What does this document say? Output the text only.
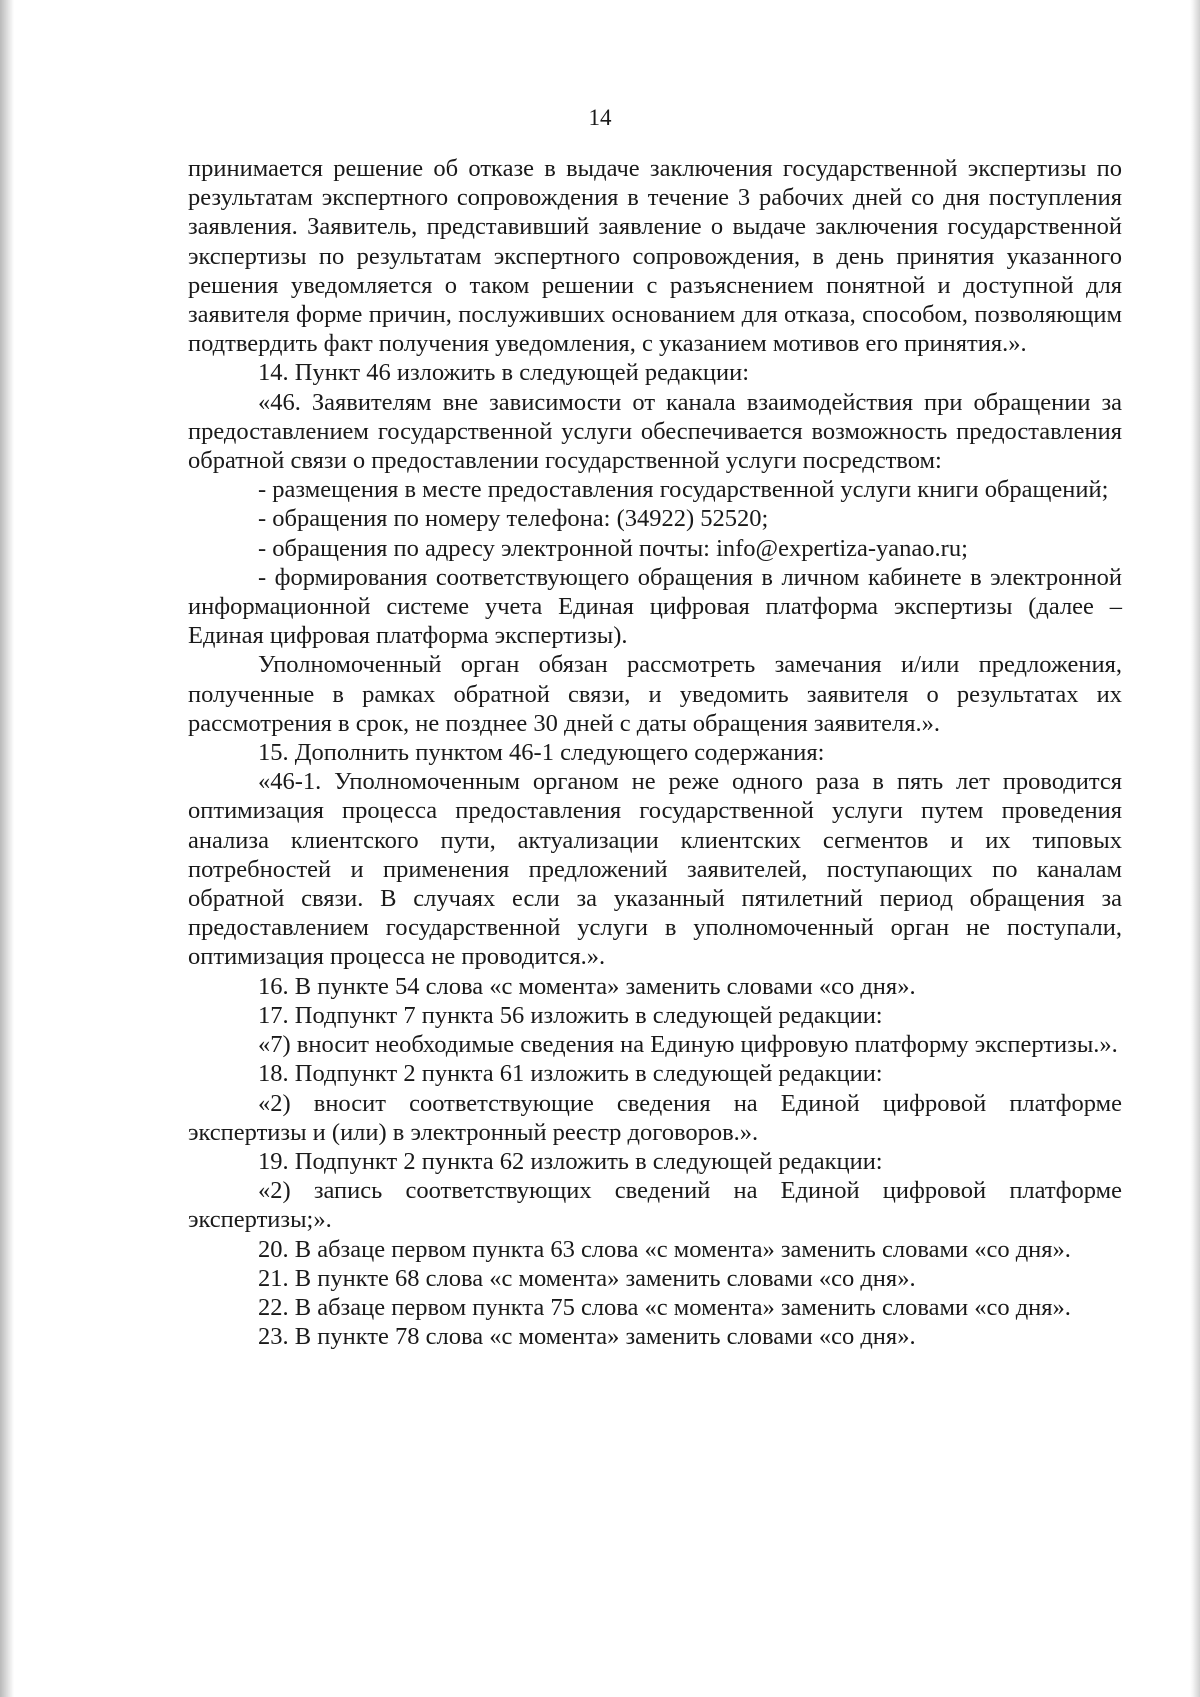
14

принимается решение об отказе в выдаче заключения государственной экспертизы по результатам экспертного сопровождения в течение 3 рабочих дней со дня поступления заявления. Заявитель, представивший заявление о выдаче заключения государственной экспертизы по результатам экспертного сопровождения, в день принятия указанного решения уведомляется о таком решении с разъяснением понятной и доступной для заявителя форме причин, послуживших основанием для отказа, способом, позволяющим подтвердить факт получения уведомления, с указанием мотивов его принятия.».

14. Пункт 46 изложить в следующей редакции:

«46. Заявителям вне зависимости от канала взаимодействия при обращении за предоставлением государственной услуги обеспечивается возможность предоставления обратной связи о предоставлении государственной услуги посредством:

- размещения в месте предоставления государственной услуги книги обращений;

- обращения по номеру телефона: (34922) 52520;

- обращения по адресу электронной почты: info@expertiza-yanao.ru;

- формирования соответствующего обращения в личном кабинете в электронной информационной системе учета Единая цифровая платформа экспертизы (далее – Единая цифровая платформа экспертизы).

Уполномоченный орган обязан рассмотреть замечания и/или предложения, полученные в рамках обратной связи, и уведомить заявителя о результатах их рассмотрения в срок, не позднее 30 дней с даты обращения заявителя.».

15. Дополнить пунктом 46-1 следующего содержания:

«46-1. Уполномоченным органом не реже одного раза в пять лет проводится оптимизация процесса предоставления государственной услуги путем проведения анализа клиентского пути, актуализации клиентских сегментов и их типовых потребностей и применения предложений заявителей, поступающих по каналам обратной связи. В случаях если за указанный пятилетний период обращения за предоставлением государственной услуги в уполномоченный орган не поступали, оптимизация процесса не проводится.».

16. В пункте 54 слова «с момента» заменить словами «со дня».

17. Подпункт 7 пункта 56 изложить в следующей редакции:

«7) вносит необходимые сведения на Единую цифровую платформу экспертизы.».

18. Подпункт 2 пункта 61 изложить в следующей редакции:

«2) вносит соответствующие сведения на Единой цифровой платформе экспертизы и (или) в электронный реестр договоров.».

19. Подпункт 2 пункта 62 изложить в следующей редакции:

«2) запись соответствующих сведений на Единой цифровой платформе экспертизы;».

20. В абзаце первом пункта 63 слова «с момента» заменить словами «со дня».

21. В пункте 68 слова «с момента» заменить словами «со дня».

22. В абзаце первом пункта 75 слова «с момента» заменить словами «со дня».

23. В пункте 78 слова «с момента» заменить словами «со дня».
